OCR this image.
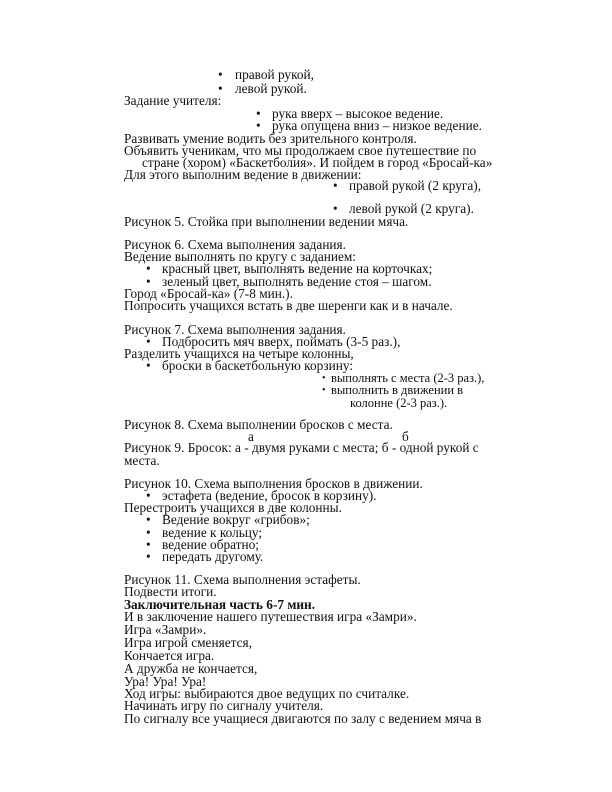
•
правой рукой,
•
левой рукой.
Задание учителя:
•
рука вверх – высокое ведение.
•
рука опущена вниз – низкое ведение.
Развивать умение водить без зрительного контроля.
Объявить ученикам, что мы продолжаем свое путешествие по
стране (хором) «Баскетболия». И пойдем в город «Бросай-ка»
Для этого выполним ведение в движении:
•
правой рукой (2 круга),
•
левой рукой (2 круга).
Рисунок 5. Стойка при выполнении ведении мяча.
Рисунок 6. Схема выполнения задания.
Ведение выполнять по кругу с заданием:
•
красный цвет, выполнять ведение на корточках;
•
зеленый цвет, выполнять ведение стоя – шагом.
Город «Бросай-ка» (7-8 мин.).
Попросить учащихся встать в две шеренги как и в начале.
Рисунок 7. Схема выполнения задания.
•
Подбросить мяч вверх, поймать (3-5 раз.),
Разделить учащихся на четыре колонны,
•
броски в баскетбольную корзину:
•
выполнять с места (2-3 раз.),
•
выполнить в движении в
колонне (2-3 раз.).
Рисунок 8. Схема выполнении бросков с места.
а	б
Рисунок 9. Бросок: а - двумя руками с места; б - одной рукой с
места.
Рисунок 10. Схема выполнения бросков в движении.
•
эстафета (ведение, бросок в корзину).
Перестроить учащихся в две колонны.
•
Ведение вокруг «грибов»;
•
ведение к кольцу;
•
ведение обратно;
•
передать другому.
Рисунок 11. Схема выполнения эстафеты.
Подвести итоги.
Заключительная часть 6-7 мин.
И в заключение нашего путешествия игра «Замри».
Игра «Замри».
Игра игрой сменяется,
Кончается игра.
А дружба не кончается,
Ура! Ура! Ура!
Ход игры: выбираются двое ведущих по считалке.
Начинать игру по сигналу учителя.
По сигналу все учащиеся двигаются по залу с ведением мяча в
